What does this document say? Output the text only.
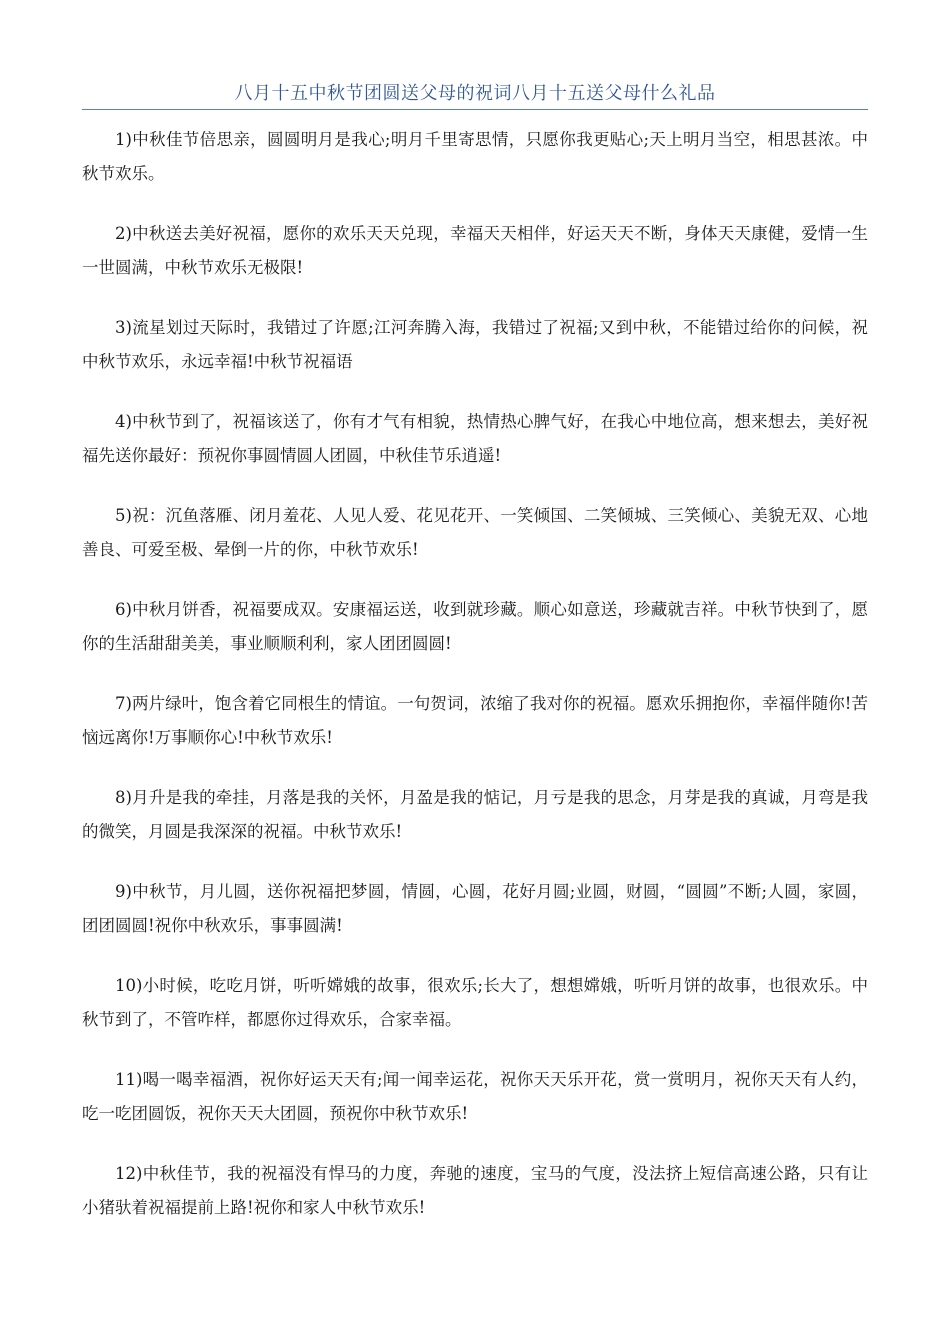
八月十五中秋节团圆送父母的祝词八月十五送父母什么礼品

1)中秋佳节倍思亲，圆圆明月是我心;明月千里寄思情，只愿你我更贴心;天上明月当空，相思甚浓。中秋节欢乐。

2)中秋送去美好祝福，愿你的欢乐天天兑现，幸福天天相伴，好运天天不断，身体天天康健，爱情一生一世圆满，中秋节欢乐无极限!

3)流星划过天际时，我错过了许愿;江河奔腾入海，我错过了祝福;又到中秋，不能错过给你的问候，祝中秋节欢乐，永远幸福!中秋节祝福语

4)中秋节到了，祝福该送了，你有才气有相貌，热情热心脾气好，在我心中地位高，想来想去，美好祝福先送你最好：预祝你事圆情圆人团圆，中秋佳节乐逍遥!

5)祝：沉鱼落雁、闭月羞花、人见人爱、花见花开、一笑倾国、二笑倾城、三笑倾心、美貌无双、心地善良、可爱至极、晕倒一片的你，中秋节欢乐!

6)中秋月饼香，祝福要成双。安康福运送，收到就珍藏。顺心如意送，珍藏就吉祥。中秋节快到了，愿你的生活甜甜美美，事业顺顺利利，家人团团圆圆!

7)两片绿叶，饱含着它同根生的情谊。一句贺词，浓缩了我对你的祝福。愿欢乐拥抱你，幸福伴随你!苦恼远离你!万事顺你心!中秋节欢乐!

8)月升是我的牵挂，月落是我的关怀，月盈是我的惦记，月亏是我的思念，月芽是我的真诚，月弯是我的微笑，月圆是我深深的祝福。中秋节欢乐!

9)中秋节，月儿圆，送你祝福把梦圆，情圆，心圆，花好月圆;业圆，财圆，“圆圆”不断;人圆，家圆，团团圆圆!祝你中秋欢乐，事事圆满!

10)小时候，吃吃月饼，听听嫦娥的故事，很欢乐;长大了，想想嫦娥，听听月饼的故事，也很欢乐。中秋节到了，不管咋样，都愿你过得欢乐，合家幸福。

11)喝一喝幸福酒，祝你好运天天有;闻一闻幸运花，祝你天天乐开花，赏一赏明月，祝你天天有人约，吃一吃团圆饭，祝你天天大团圆，预祝你中秋节欢乐!

12)中秋佳节，我的祝福没有悍马的力度，奔驰的速度，宝马的气度，没法挤上短信高速公路，只有让小猪驮着祝福提前上路!祝你和家人中秋节欢乐!
